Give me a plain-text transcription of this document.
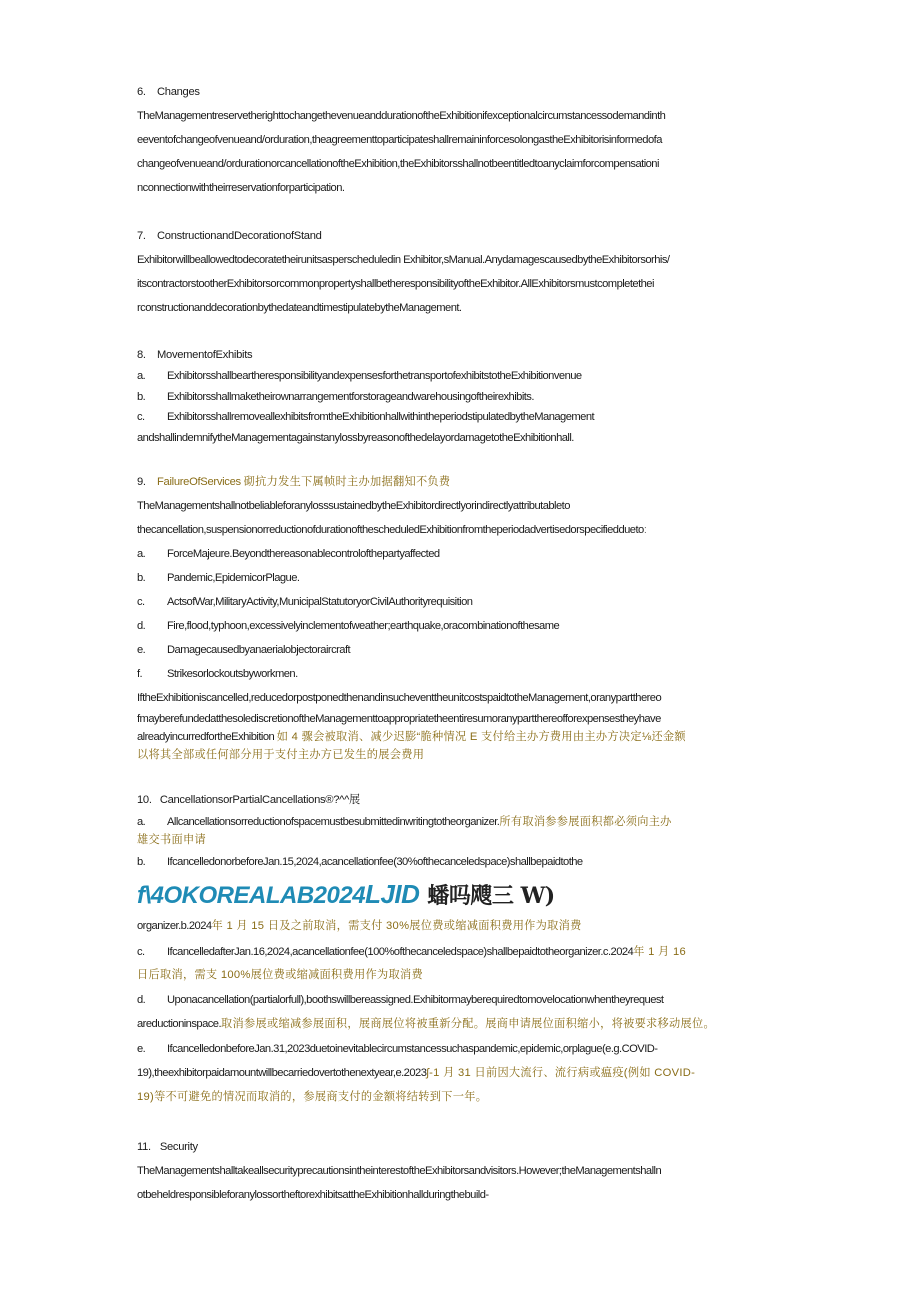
6. Changes
TheManagementreservetherighttochangethevenueanddurationoftheExhibitionifexceptionalcircumstancessodemandinth
eeventofchangeofvenueand/orduration,theagreementtoparticipateshallremaininforcesolongastheExhibitorisinformedofa
changeofvenueand/ordurationorcancellationoftheExhibition,theExhibitorsshallnotbeentitledtoanyclaimforcompensationi
nconnectionwiththeirreservationforparticipation.
7. ConstructionandDecorationofStand
Exhibitorwillbeallowedtodecoratetheirunitsasperscheduledin Exhibitor,sManual.AnydamagescausedbytheExhibitorsorhis/
itscontractorstootherExhibitorsorcommonpropertyshallbetheresponsibilityoftheExhibitor.AllExhibitorsmustcompletethei
rconstructionanddecorationbythedateandtimestipulatebytheManagement.
8. MovementofExhibits
a. ExhibitorsshallbeartheresponsibilityandexpensesforthetransportofexhibitstotheExhibitionvenue
b. Exhibitorsshallmaketheirownarrangementforstorageandwarehousingoftheirexhibits.
c. ExhibitorsshallremoveallexhibitsfromtheExhibitionhallwithintheperiodstipulatedbytheManagement
andshallindemnifytheManagementagainstanylossbyreasonofthedelayordamagetotheExhibitionhall.
9. FailureOfServices 砌抗力发生下属帧时主办加据翻知不负费
TheManagementshallnotbeliableforanylosssustainedbytheExhibitordirectlyorindirectlyattributableto
thecancellation,suspensionorreductionofdurationofthescheduledExhibitionfromtheperiodadvertisedorspecifiedduetoː
a. ForceMajeure.Beyondthereasonablecontrolofthepartyaffected
b. Pandemic,EpidemicorPlague.
c. ActsofWar,MilitaryActivity,MunicipalStatutoryorCivilAuthorityrequisition
d. Fire,flood,typhoon,excessivelyinclementofweather;earthquake,oracombinationofthesame
e. Damagecausedbyanaerialobjectoraircraft
f. Strikesorlockoutsbyworkmen.
IftheExhibitioniscancelled,reducedorpostponedthenandinsucheventtheunitcostspaidtotheManagement,oranypartthereo
fmayberefundedatthesolediscretionoftheManagementtoappropriatetheentiresumoranypartthereofforexpensestheyhave
alreadyincurredfortheExhibition 如 4 骤会被取消、减少迟膨“脆种情况 E 支付给主办方费用由主办方决定⅛还金额
以将其全部或任何部分用于支付主办方已发生的展会费用
10. CancellationsorPartialCancellations®?^^展
a. Allcancellationsorreductionofspacemustbesubmittedinwritingtotheorganizer.所有取消参参展面积都必须向主办
雄交书面申请
b. IfcancelledonorbeforeJan.15,2024,acancellationfee(30%ofthecanceledspace)shallbepaidtothe
f\4OKOREALAB2024LJID 蟠吗飕三 W)
organizer.b.2024年 1 月 15 日及之前取消，需支付 30%展位费或缩减面积费用作为取消费
c. IfcancelledafterJan.16,2024,acancellationfee(100%ofthecanceledspace)shallbepaidtotheorganizer.c.2024年 1 月 16
日后取消，需支 100%展位费或缩减面积费用作为取消费
d. Uponacancellation(partialorfull),boothswillbereassigned.Exhibitormayberequiredtomovelocationwhentheyrequest
areductioninspace.取消参展或缩减参展面积，展商展位将被重新分配。展商申请展位面积缩小，将被要求移动展位。
e. IfcancelledonbeforeJan.31,2023duetoinevitablecircumstancessuchaspandemic,epidemic,orplague(e.g.COVID-
19),theexhibitorpaidamountwillbecarriedovertothenextyear,e.2023ʃ-1 月 31 日前因大流行、流行病或瘟疫(例如 COVID-
19)等不可避免的情况而取消的，参展商支付的金额将结转到下一年。
11. Security
TheManagementshalltakeallsecurityprecautionsintheinterestoftheExhibitorsandvisitors.However;theManagementshalln
otbeheldresponsibleforanylossortheftorexhibitsattheExhibitionhallduringthebuild-
